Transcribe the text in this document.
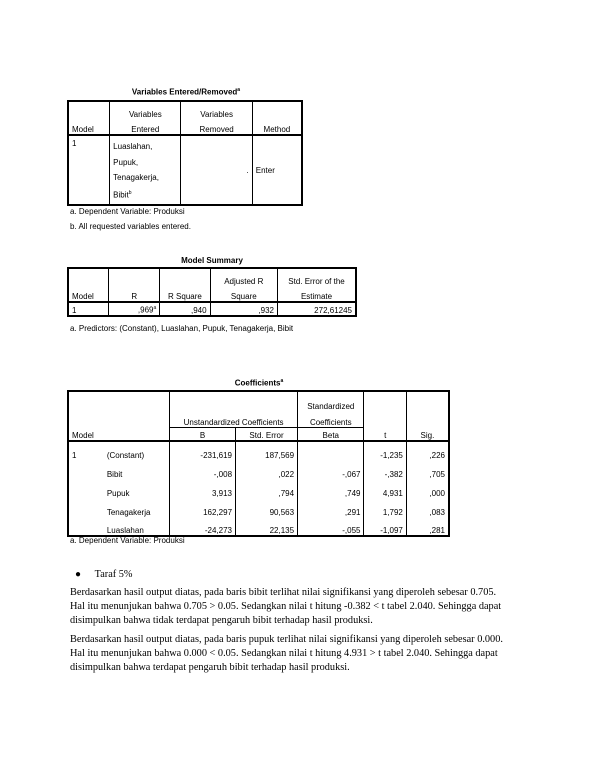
Variables Entered/Removed$^a$
	Variables	Variables	
Model	Entered	Removed	Method
1	Luaslahan,
Pupuk,
Tenagakerja,
Bibit$^b$	.	Enter
a. Dependent Variable: Produksi
b. All requested variables entered.
Model Summary
			Adjusted R	Std. Error of the
Model	R	R Square	Square	Estimate
1	,969$^a$	,940	,932	272,61245
a. Predictors: (Constant), Luaslahan, Pupuk, Tenagakerja, Bibit
Coefficients$^a$
				Standardized		
		Unstandardized Coefficients		Coefficients		
Model		B	Std. Error	Beta	t	Sig.
1	(Constant)	-231,619	187,569		-1,235	,226
	Bibit	-,008	,022	-,067	-,382	,705
	Pupuk	3,913	,794	,749	4,931	,000
	Tenagakerja	162,297	90,563	,291	1,792	,083
	Luaslahan	-24,273	22,135	-,055	-1,097	,281
a. Dependent Variable: Produksi
● Taraf 5%
Berdasarkan hasil output diatas, pada baris bibit terlihat nilai signifikansi yang diperoleh sebesar 0.705.
Hal itu menunjukan bahwa 0.705 > 0.05. Sedangkan nilai t hitung -0.382 < t tabel 2.040. Sehingga dapat
disimpulkan bahwa tidak terdapat pengaruh bibit terhadap hasil produksi.
Berdasarkan hasil output diatas, pada baris pupuk terlihat nilai signifikansi yang diperoleh sebesar 0.000.
Hal itu menunjukan bahwa 0.000 < 0.05. Sedangkan nilai t hitung 4.931 > t tabel 2.040. Sehingga dapat
disimpulkan bahwa terdapat pengaruh bibit terhadap hasil produksi.
